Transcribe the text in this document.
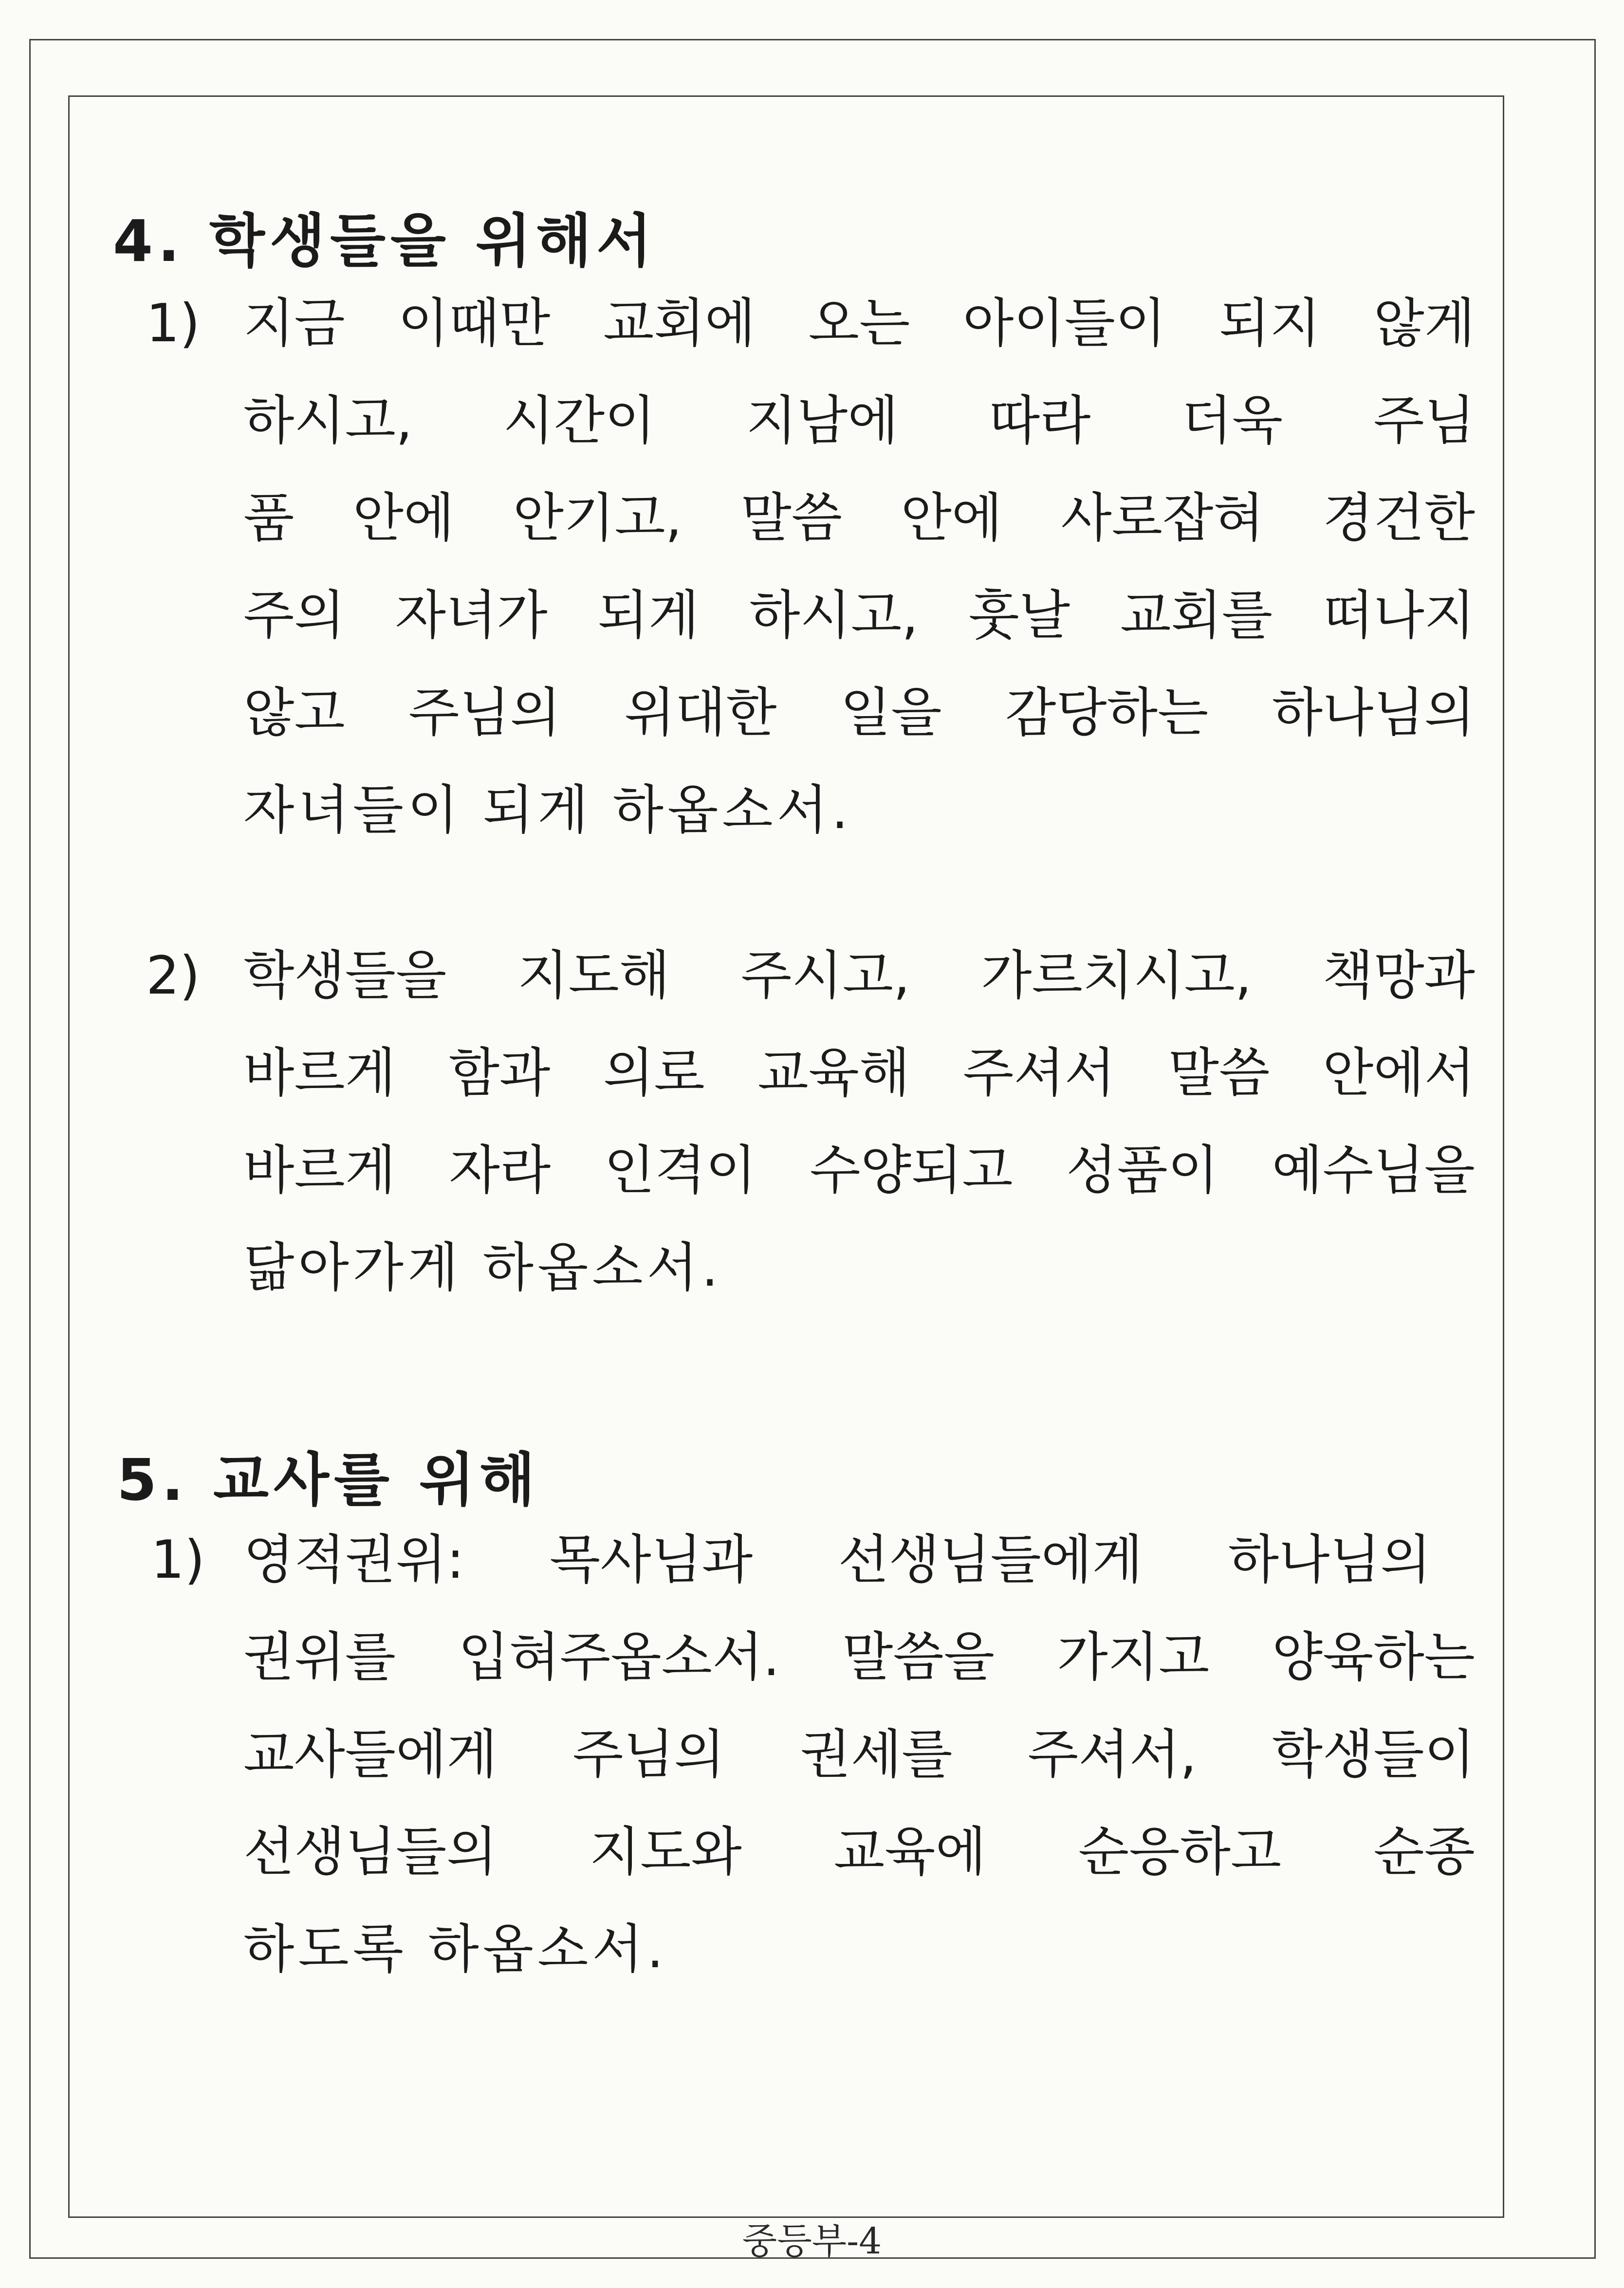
4. 학생들을 위해서
1) 지금 이때만 교회에 오는 아이들이 되지 않게
하시고, 시간이 지남에 따라 더욱 주님
품 안에 안기고, 말씀 안에 사로잡혀 경건한
주의 자녀가 되게 하시고, 훗날 교회를 떠나지
않고 주님의 위대한 일을 감당하는 하나님의
자녀들이 되게 하옵소서.
2) 학생들을 지도해 주시고, 가르치시고, 책망과
바르게 함과 의로 교육해 주셔서 말씀 안에서
바르게 자라 인격이 수양되고 성품이 예수님을
닮아가게 하옵소서.
5. 교사를 위해
1) 영적권위: 목사님과 선생님들에게 하나님의
권위를 입혀주옵소서. 말씀을 가지고 양육하는
교사들에게 주님의 권세를 주셔서, 학생들이
선생님들의 지도와 교육에 순응하고 순종
하도록 하옵소서.
중등부-4
